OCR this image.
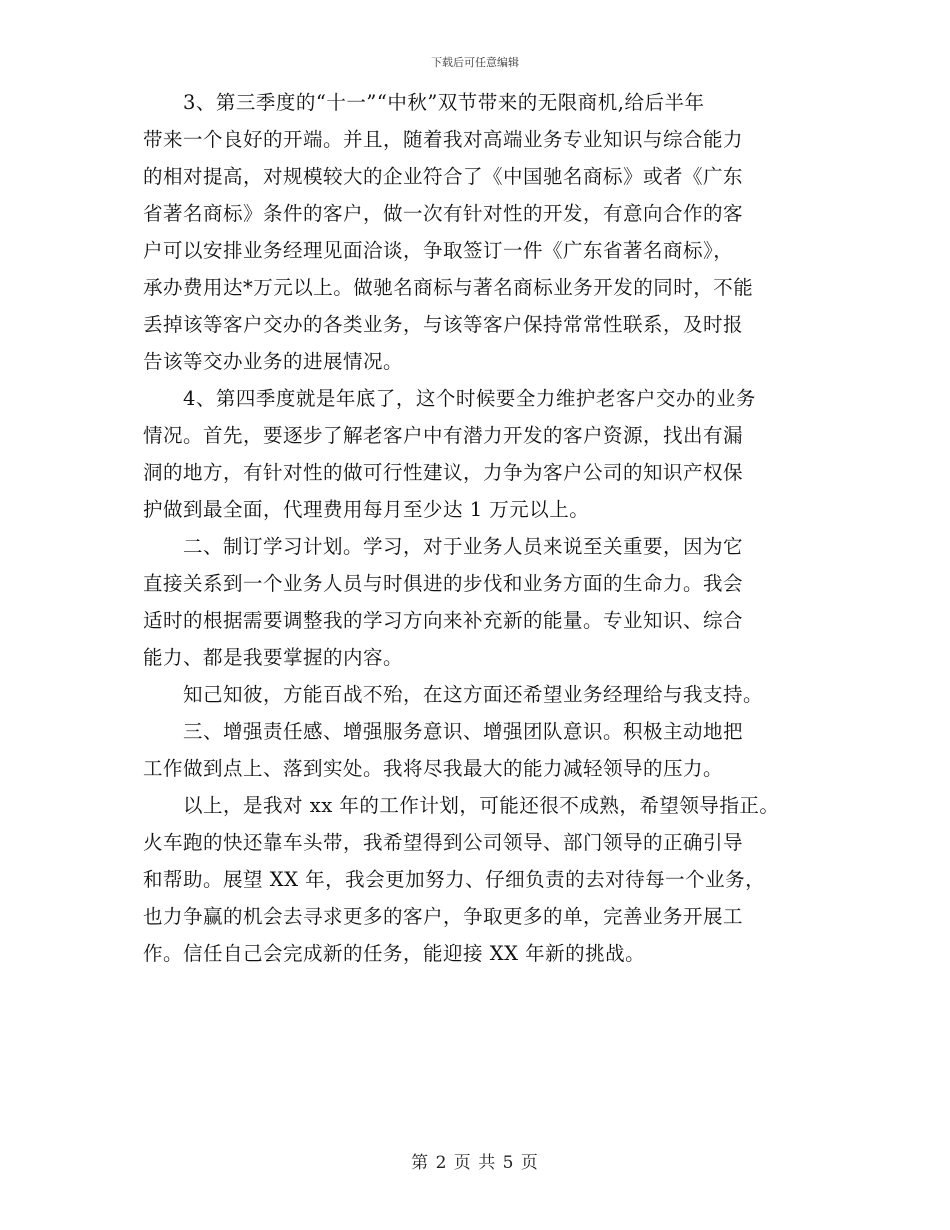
下载后可任意编辑

　　3、第三季度的“十一”“中秋”双节带来的无限商机,给后半年
带来一个良好的开端。并且，随着我对高端业务专业知识与综合能力
的相对提高，对规模较大的企业符合了《中国驰名商标》或者《广东
省著名商标》条件的客户，做一次有针对性的开发，有意向合作的客
户可以安排业务经理见面洽谈，争取签订一件《广东省著名商标》，
承办费用达*万元以上。做驰名商标与著名商标业务开发的同时，不能
丢掉该等客户交办的各类业务，与该等客户保持常常性联系，及时报
告该等交办业务的进展情况。

　　4、第四季度就是年底了，这个时候要全力维护老客户交办的业务
情况。首先，要逐步了解老客户中有潜力开发的客户资源，找出有漏
洞的地方，有针对性的做可行性建议，力争为客户公司的知识产权保
护做到最全面，代理费用每月至少达 1 万元以上。

　　二、制订学习计划。学习，对于业务人员来说至关重要，因为它
直接关系到一个业务人员与时俱进的步伐和业务方面的生命力。我会
适时的根据需要调整我的学习方向来补充新的能量。专业知识、综合
能力、都是我要掌握的内容。

　　知己知彼，方能百战不殆，在这方面还希望业务经理给与我支持。

　　三、增强责任感、增强服务意识、增强团队意识。积极主动地把
工作做到点上、落到实处。我将尽我最大的能力减轻领导的压力。

　　以上，是我对 xx 年的工作计划，可能还很不成熟，希望领导指正。
火车跑的快还靠车头带，我希望得到公司领导、部门领导的正确引导
和帮助。展望 XX 年，我会更加努力、仔细负责的去对待每一个业务，
也力争赢的机会去寻求更多的客户，争取更多的单，完善业务开展工
作。信任自己会完成新的任务，能迎接 XX 年新的挑战。

第 2 页 共 5 页
